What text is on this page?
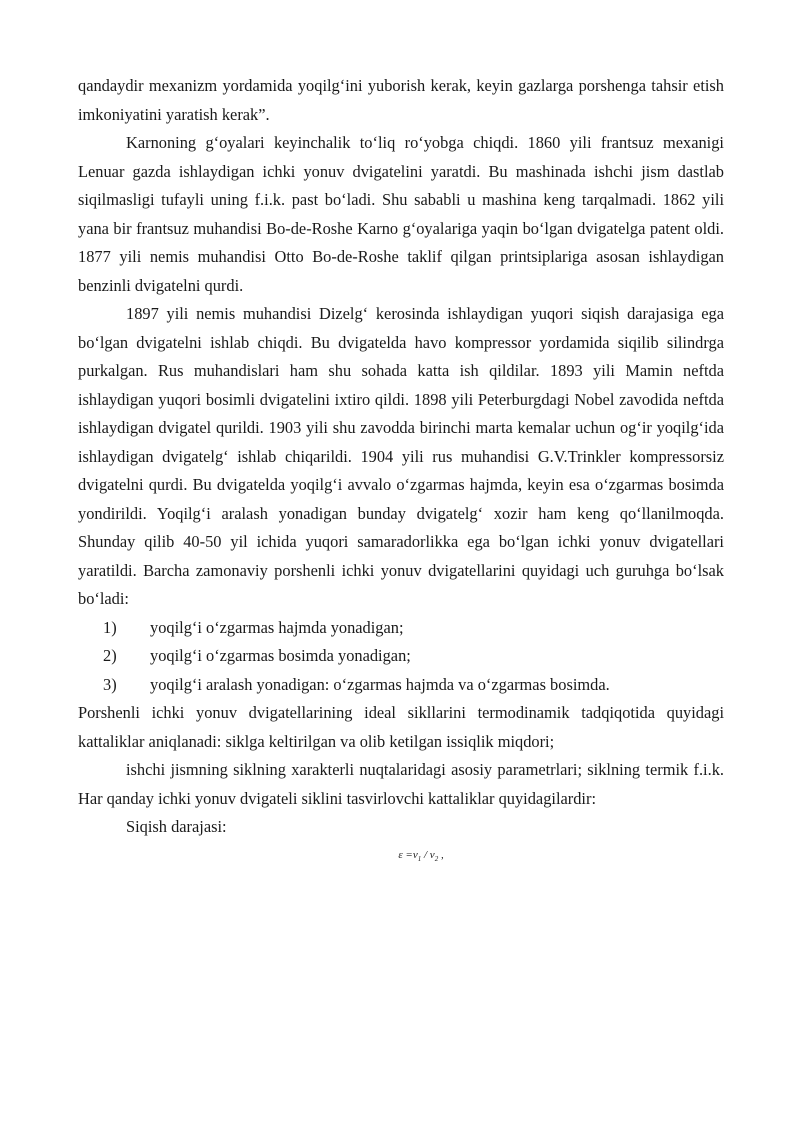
qandaydir mexanizm yordamida yoqilg‘ini yuborish kerak, keyin gazlarga porshenga tahsir etish imkoniyatini yaratish kerak”.

Karnoning g‘oyalari keyinchalik to‘liq ro‘yobga chiqdi. 1860 yili frantsuz mexanigi Lenuar gazda ishlaydigan ichki yonuv dvigatelini yaratdi. Bu mashinada ishchi jism dastlab siqilmasligi tufayli uning f.i.k. past bo‘ladi. Shu sababli u mashina keng tarqalmadi. 1862 yili yana bir frantsuz muhandisi Bo-de-Roshe Karno g‘oyalariga yaqin bo‘lgan dvigatelga patent oldi. 1877 yili nemis muhandisi Otto Bo-de-Roshe taklif qilgan printsiplariga asosan ishlaydigan benzinli dvigatelni qurdi.

1897 yili nemis muhandisi Dizelg‘ kerosinda ishlaydigan yuqori siqish darajasiga ega bo‘lgan dvigatelni ishlab chiqdi. Bu dvigatelda havo kompressor yordamida siqilib silindrga purkalgan. Rus muhandislari ham shu sohada katta ish qildilar. 1893 yili Mamin neftda ishlaydigan yuqori bosimli dvigatelini ixtiro qildi. 1898 yili Peterburgdagi Nobel zavodida neftda ishlaydigan dvigatel qurildi. 1903 yili shu zavodda birinchi marta kemalar uchun og‘ir yoqilg‘ida ishlaydigan dvigatelg‘ ishlab chiqarildi. 1904 yili rus muhandisi G.V.Trinkler kompressorsiz dvigatelni qurdi. Bu dvigatelda yoqilg‘i avvalo o‘zgarmas hajmda, keyin esa o‘zgarmas bosimda yondirildi. Yoqilg‘i aralash yonadigan bunday dvigatelg‘ xozir ham keng qo‘llanilmoqda. Shunday qilib 40-50 yil ichida yuqori samaradorlikka ega bo‘lgan ichki yonuv dvigatellari yaratildi. Barcha zamonaviy porshenli ichki yonuv dvigatellarini quyidagi uch guruhga bo‘lsak bo‘ladi:

1)	yoqilg‘i o‘zgarmas hajmda yonadigan;
2)	yoqilg‘i o‘zgarmas bosimda yonadigan;
3)	yoqilg‘i aralash yonadigan: o‘zgarmas hajmda va o‘zgarmas bosimda.

Porshenli ichki yonuv dvigatellarining ideal sikllarini termodinamik tadqiqotida quyidagi kattaliklar aniqlanadi: siklga keltirilgan va olib ketilgan issiqlik miqdori;

ishchi jismning siklning xarakterli nuqtalaridagi asosiy parametrlari; siklning termik f.i.k. Har qanday ichki yonuv dvigateli siklini tasvirlovchi kattaliklar quyidagilardir:

Siqish darajasi:

$\varepsilon =v_1 / v_2$ ,
